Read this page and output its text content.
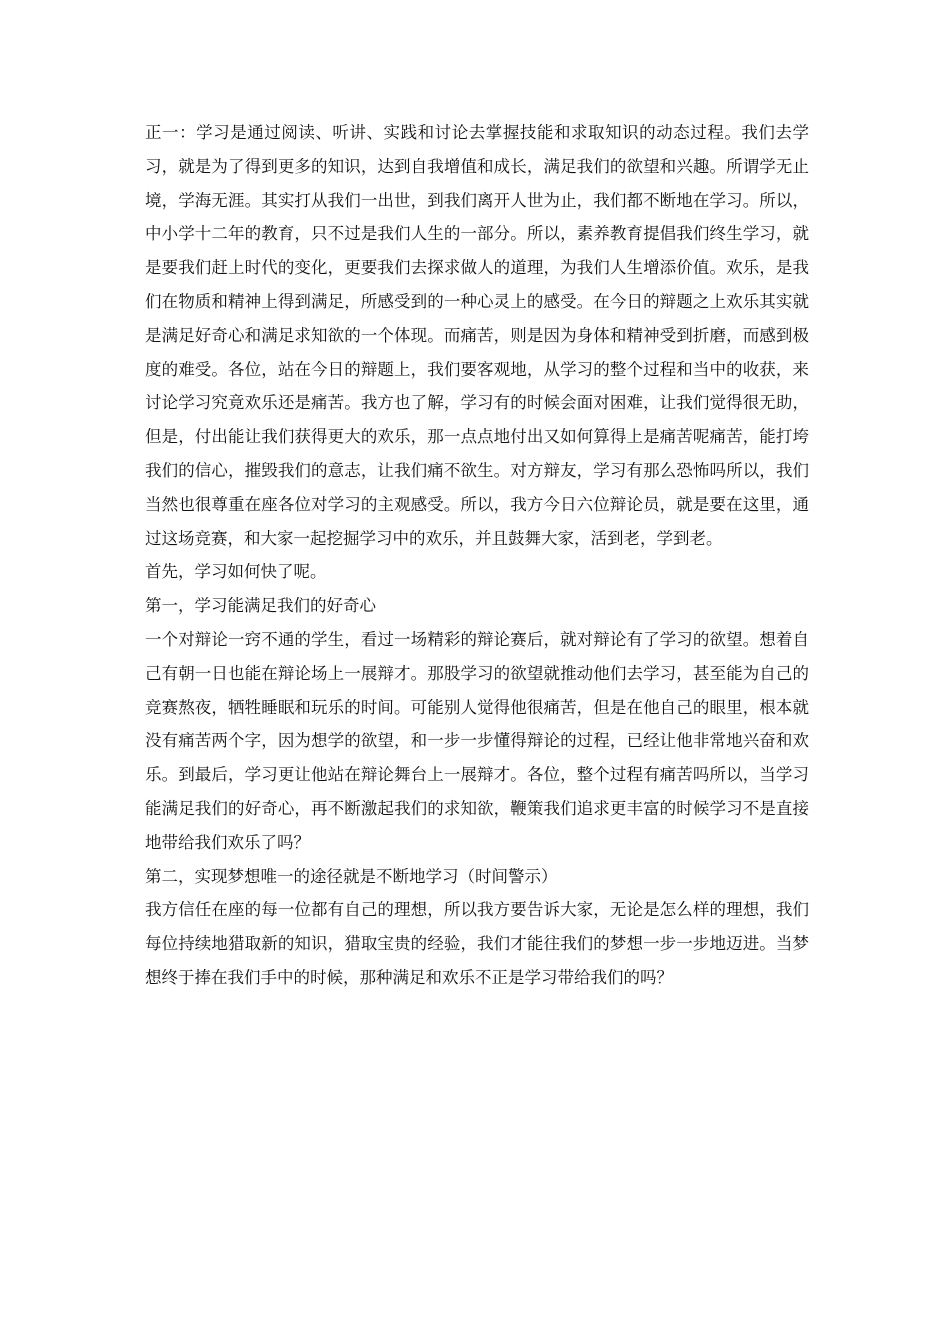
正一：学习是通过阅读、听讲、实践和讨论去掌握技能和求取知识的动态过程。我们去学习，就是为了得到更多的知识，达到自我增值和成长，满足我们的欲望和兴趣。所谓学无止境，学海无涯。其实打从我们一出世，到我们离开人世为止，我们都不断地在学习。所以，中小学十二年的教育，只不过是我们人生的一部分。所以，素养教育提倡我们终生学习，就是要我们赶上时代的变化，更要我们去探求做人的道理，为我们人生增添价值。欢乐，是我们在物质和精神上得到满足，所感受到的一种心灵上的感受。在今日的辩题之上欢乐其实就是满足好奇心和满足求知欲的一个体现。而痛苦，则是因为身体和精神受到折磨，而感到极度的难受。各位，站在今日的辩题上，我们要客观地，从学习的整个过程和当中的收获，来讨论学习究竟欢乐还是痛苦。我方也了解，学习有的时候会面对困难，让我们觉得很无助，但是，付出能让我们获得更大的欢乐，那一点点地付出又如何算得上是痛苦呢痛苦，能打垮我们的信心，摧毁我们的意志，让我们痛不欲生。对方辩友，学习有那么恐怖吗所以，我们当然也很尊重在座各位对学习的主观感受。所以，我方今日六位辩论员，就是要在这里，通过这场竞赛，和大家一起挖掘学习中的欢乐，并且鼓舞大家，活到老，学到老。

首先，学习如何快了呢。

第一，学习能满足我们的好奇心

一个对辩论一窍不通的学生，看过一场精彩的辩论赛后，就对辩论有了学习的欲望。想着自己有朝一日也能在辩论场上一展辩才。那股学习的欲望就推动他们去学习，甚至能为自己的竞赛熬夜，牺牲睡眠和玩乐的时间。可能别人觉得他很痛苦，但是在他自己的眼里，根本就没有痛苦两个字，因为想学的欲望，和一步一步懂得辩论的过程，已经让他非常地兴奋和欢乐。到最后，学习更让他站在辩论舞台上一展辩才。各位，整个过程有痛苦吗所以，当学习能满足我们的好奇心，再不断激起我们的求知欲，鞭策我们追求更丰富的时候学习不是直接地带给我们欢乐了吗？

第二，实现梦想唯一的途径就是不断地学习（时间警示）

我方信任在座的每一位都有自己的理想，所以我方要告诉大家，无论是怎么样的理想，我们每位持续地猎取新的知识，猎取宝贵的经验，我们才能往我们的梦想一步一步地迈进。当梦想终于捧在我们手中的时候，那种满足和欢乐不正是学习带给我们的吗？
